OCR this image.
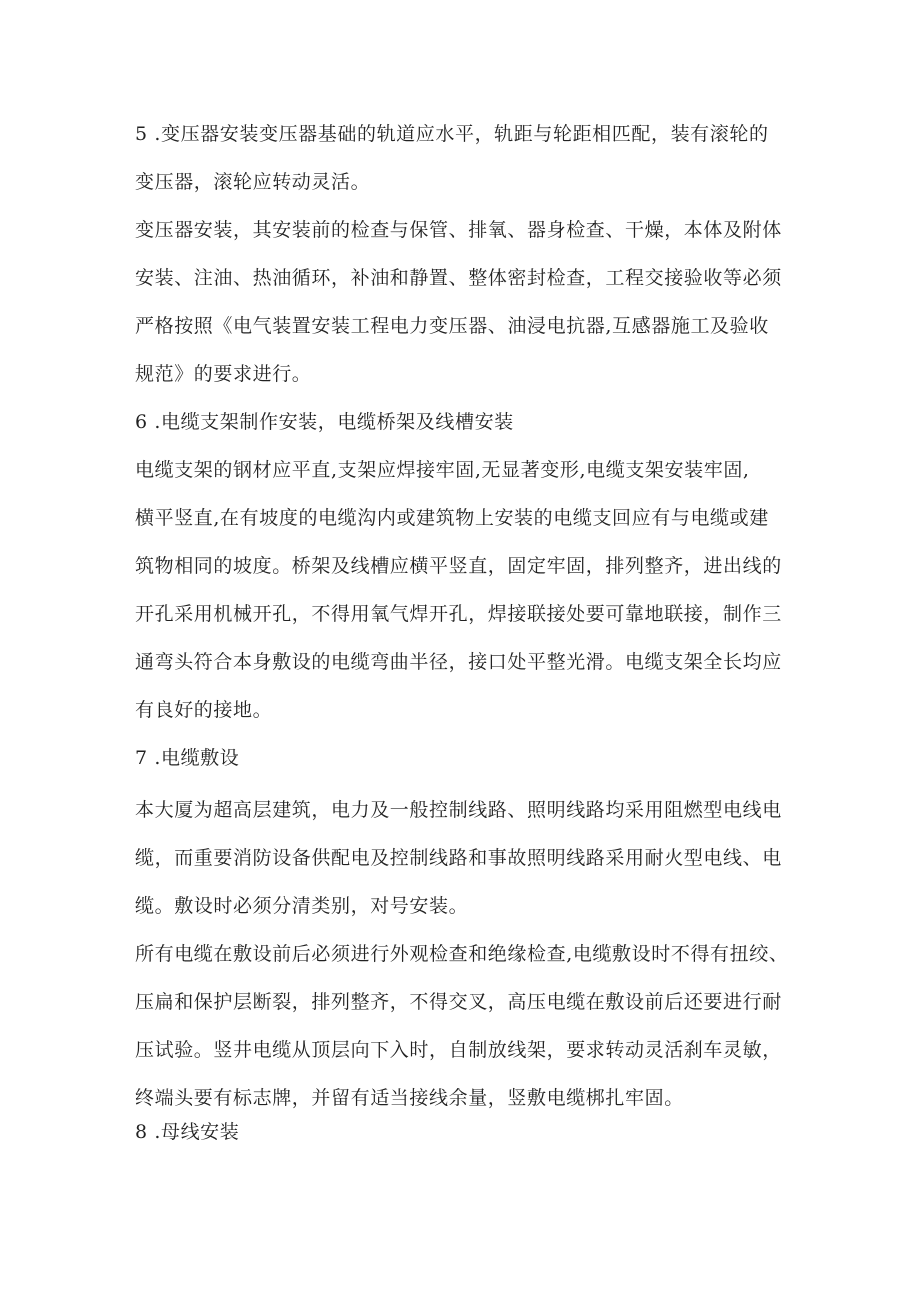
5 .变压器安装变压器基础的轨道应水平，轨距与轮距相匹配，装有滚轮的
变压器，滚轮应转动灵活。
变压器安装，其安装前的检查与保管、排氧、器身检查、干燥，本体及附体
安装、注油、热油循环，补油和静置、整体密封检查，工程交接验收等必须
严格按照《电气装置安装工程电力变压器、油浸电抗器,互感器施工及验收
规范》的要求进行。
6 .电缆支架制作安装，电缆桥架及线槽安装
电缆支架的钢材应平直,支架应焊接牢固,无显著变形,电缆支架安装牢固,
横平竖直,在有坡度的电缆沟内或建筑物上安装的电缆支回应有与电缆或建
筑物相同的坡度。桥架及线槽应横平竖直，固定牢固，排列整齐，进出线的
开孔采用机械开孔，不得用氧气焊开孔，焊接联接处要可靠地联接，制作三
通弯头符合本身敷设的电缆弯曲半径，接口处平整光滑。电缆支架全长均应
有良好的接地。
7 .电缆敷设
本大厦为超高层建筑，电力及一般控制线路、照明线路均采用阻燃型电线电
缆，而重要消防设备供配电及控制线路和事故照明线路采用耐火型电线、电
缆。敷设时必须分清类别，对号安装。
所有电缆在敷设前后必须进行外观检查和绝缘检查,电缆敷设时不得有扭绞、
压扁和保护层断裂，排列整齐，不得交叉，高压电缆在敷设前后还要进行耐
压试验。竖井电缆从顶层向下入时，自制放线架，要求转动灵活刹车灵敏，
终端头要有标志牌，并留有适当接线余量，竖敷电缆梆扎牢固。
8 .母线安装
